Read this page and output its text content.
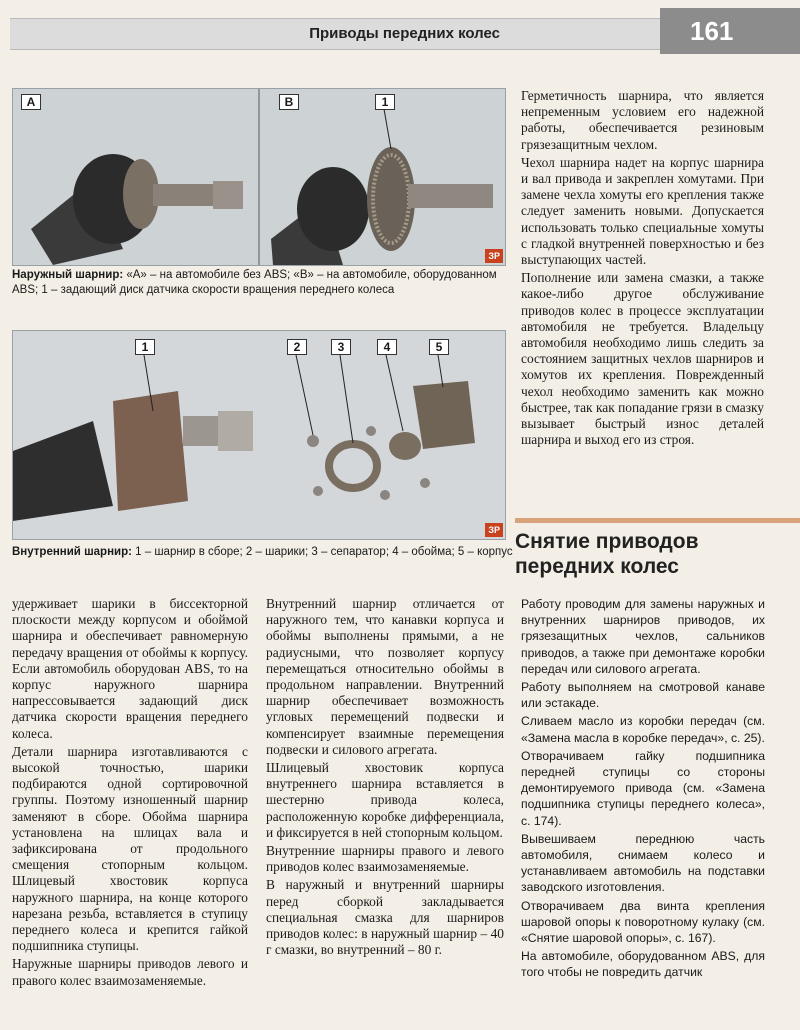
Приводы передних колес	161
А	В	1
ЗР
Наружный шарнир: «А» – на автомобиле без ABS; «В» – на автомобиле, оборудованном ABS; 1 – задающий диск датчика скорости вращения переднего колеса
1	2	3	4	5
ЗР
Внутренний шарнир: 1 – шарнир в сборе; 2 – шарики; 3 – сепаратор; 4 – обойма; 5 – корпус

Герметичность шарнира, что является непременным условием его надежной работы, обеспечивается резиновым грязезащитным чехлом.

Чехол шарнира надет на корпус шарнира и вал привода и закреплен хомутами. При замене чехла хомуты его крепления также следует заменить новыми. Допускается использовать только специальные хомуты с гладкой внутренней поверхностью и без выступающих частей.

Пополнение или замена смазки, а также какое-либо другое обслуживание приводов колес в процессе эксплуатации автомобиля не требуется. Владельцу автомобиля необходимо лишь следить за состоянием защитных чехлов шарниров и хомутов их крепления. Поврежденный чехол необходимо заменить как можно быстрее, так как попадание грязи в смазку вызывает быстрый износ деталей шарнира и выход его из строя.

Снятие приводов передних колес

удерживает шарики в биссекторной плоскости между корпусом и обоймой шарнира и обеспечивает равномерную передачу вращения от обоймы к корпусу. Если автомобиль оборудован ABS, то на корпус наружного шарнира напрессовывается задающий диск датчика скорости вращения переднего колеса.

Детали шарнира изготавливаются с высокой точностью, шарики подбираются одной сортировочной группы. Поэтому изношенный шарнир заменяют в сборе. Обойма шарнира установлена на шлицах вала и зафиксирована от продольного смещения стопорным кольцом. Шлицевый хвостовик корпуса наружного шарнира, на конце которого нарезана резьба, вставляется в ступицу переднего колеса и крепится гайкой подшипника ступицы.

Наружные шарниры приводов левого и правого колес взаимозаменяемые.

Внутренний шарнир отличается от наружного тем, что канавки корпуса и обоймы выполнены прямыми, а не радиусными, что позволяет корпусу перемещаться относительно обоймы в продольном направлении. Внутренний шарнир обеспечивает возможность угловых перемещений подвески и компенсирует взаимные перемещения подвески и силового агрегата.

Шлицевый хвостовик корпуса внутреннего шарнира вставляется в шестерню привода колеса, расположенную коробке дифференциала, и фиксируется в ней стопорным кольцом.

Внутренние шарниры правого и левого приводов колес взаимозаменяемые.

В наружный и внутренний шарниры перед сборкой закладывается специальная смазка для шарниров приводов колес: в наружный шарнир – 40 г смазки, во внутренний – 80 г.

Работу проводим для замены наружных и внутренних шарниров приводов, их грязезащитных чехлов, сальников приводов, а также при демонтаже коробки передач или силового агрегата.

Работу выполняем на смотровой канаве или эстакаде.

Сливаем масло из коробки передач (см. «Замена масла в коробке передач», с. 25).

Отворачиваем гайку подшипника передней ступицы со стороны демонтируемого привода (см. «Замена подшипника ступицы переднего колеса», с. 174).

Вывешиваем переднюю часть автомобиля, снимаем колесо и устанавливаем автомобиль на подставки заводского изготовления.

Отворачиваем два винта крепления шаровой опоры к поворотному кулаку (см. «Снятие шаровой опоры», с. 167).

На автомобиле, оборудованном ABS, для того чтобы не повредить датчик
